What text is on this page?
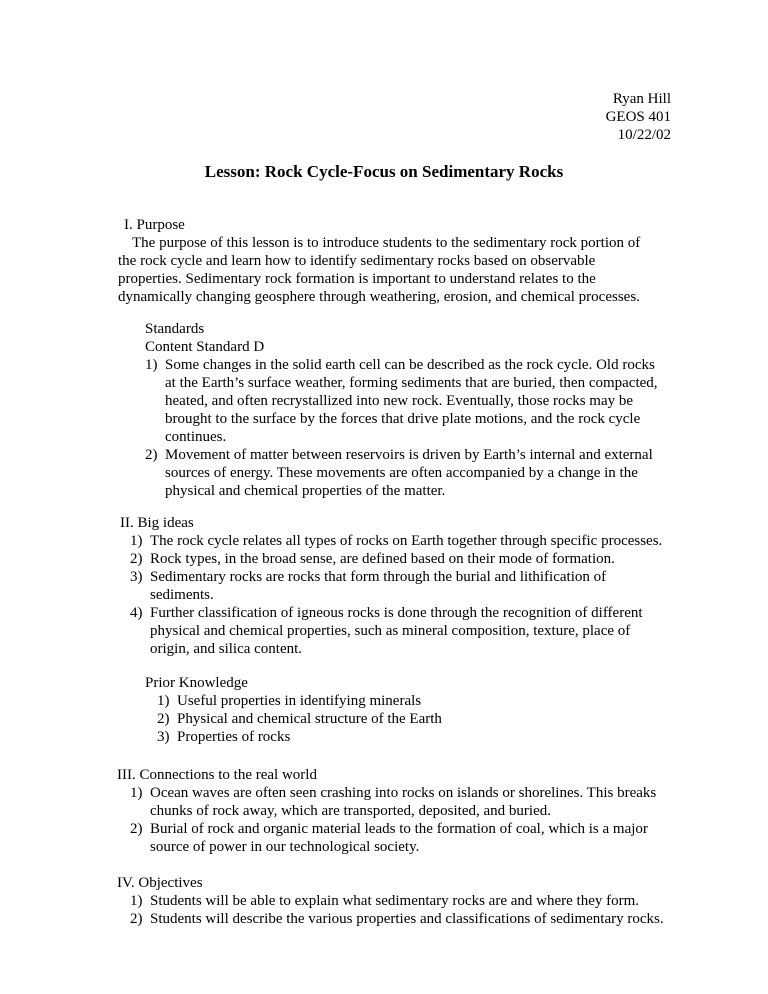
Ryan Hill
GEOS 401
10/22/02
Lesson: Rock Cycle-Focus on Sedimentary Rocks
I. Purpose

The purpose of this lesson is to introduce students to the sedimentary rock portion of the rock cycle and learn how to identify sedimentary rocks based on observable properties. Sedimentary rock formation is important to understand relates to the dynamically changing geosphere through weathering, erosion, and chemical processes.

Standards
Content Standard D
1) Some changes in the solid earth cell can be described as the rock cycle. Old rocks at the Earth’s surface weather, forming sediments that are buried, then compacted, heated, and often recrystallized into new rock. Eventually, those rocks may be brought to the surface by the forces that drive plate motions, and the rock cycle continues.
2) Movement of matter between reservoirs is driven by Earth’s internal and external sources of energy. These movements are often accompanied by a change in the physical and chemical properties of the matter.
II. Big ideas
1) The rock cycle relates all types of rocks on Earth together through specific processes.
2) Rock types, in the broad sense, are defined based on their mode of formation.
3) Sedimentary rocks are rocks that form through the burial and lithification of sediments.
4) Further classification of igneous rocks is done through the recognition of different physical and chemical properties, such as mineral composition, texture, place of origin, and silica content.
Prior Knowledge
1) Useful properties in identifying minerals
2) Physical and chemical structure of the Earth
3) Properties of rocks
III. Connections to the real world
1) Ocean waves are often seen crashing into rocks on islands or shorelines. This breaks chunks of rock away, which are transported, deposited, and buried.
2) Burial of rock and organic material leads to the formation of coal, which is a major source of power in our technological society.
IV. Objectives
1) Students will be able to explain what sedimentary rocks are and where they form.
2) Students will describe the various properties and classifications of sedimentary rocks.
